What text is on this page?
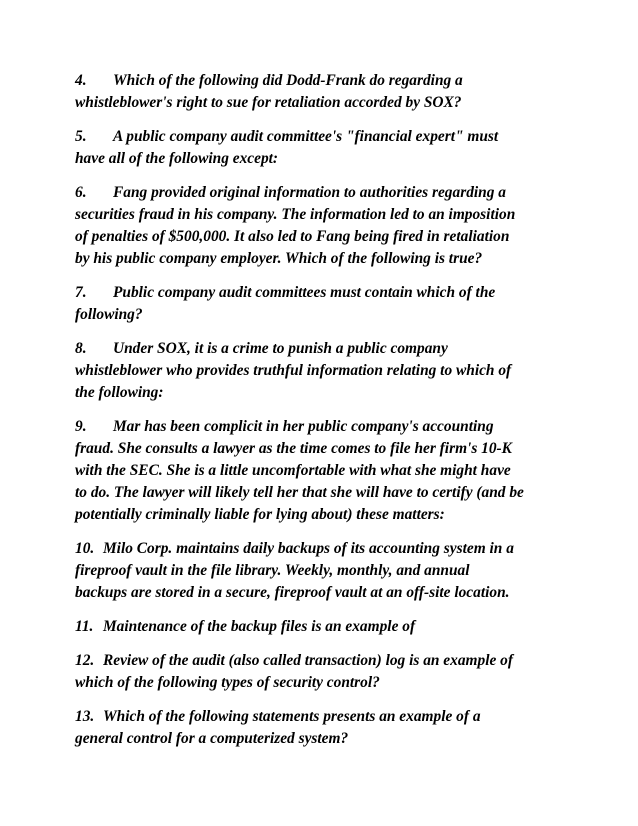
4. Which of the following did Dodd-Frank do regarding a
whistleblower's right to sue for retaliation accorded by SOX?
5. A public company audit committee's "financial expert" must
have all of the following except:
6. Fang provided original information to authorities regarding a
securities fraud in his company. The information led to an imposition
of penalties of $500,000. It also led to Fang being fired in retaliation
by his public company employer. Which of the following is true?
7. Public company audit committees must contain which of the
following?
8. Under SOX, it is a crime to punish a public company
whistleblower who provides truthful information relating to which of
the following:
9. Mar has been complicit in her public company's accounting
fraud. She consults a lawyer as the time comes to file her firm's 10-K
with the SEC. She is a little uncomfortable with what she might have
to do. The lawyer will likely tell her that she will have to certify (and be
potentially criminally liable for lying about) these matters:
10. Milo Corp. maintains daily backups of its accounting system in a
fireproof vault in the file library. Weekly, monthly, and annual
backups are stored in a secure, fireproof vault at an off-site location.
11. Maintenance of the backup files is an example of
12. Review of the audit (also called transaction) log is an example of
which of the following types of security control?
13. Which of the following statements presents an example of a
general control for a computerized system?
